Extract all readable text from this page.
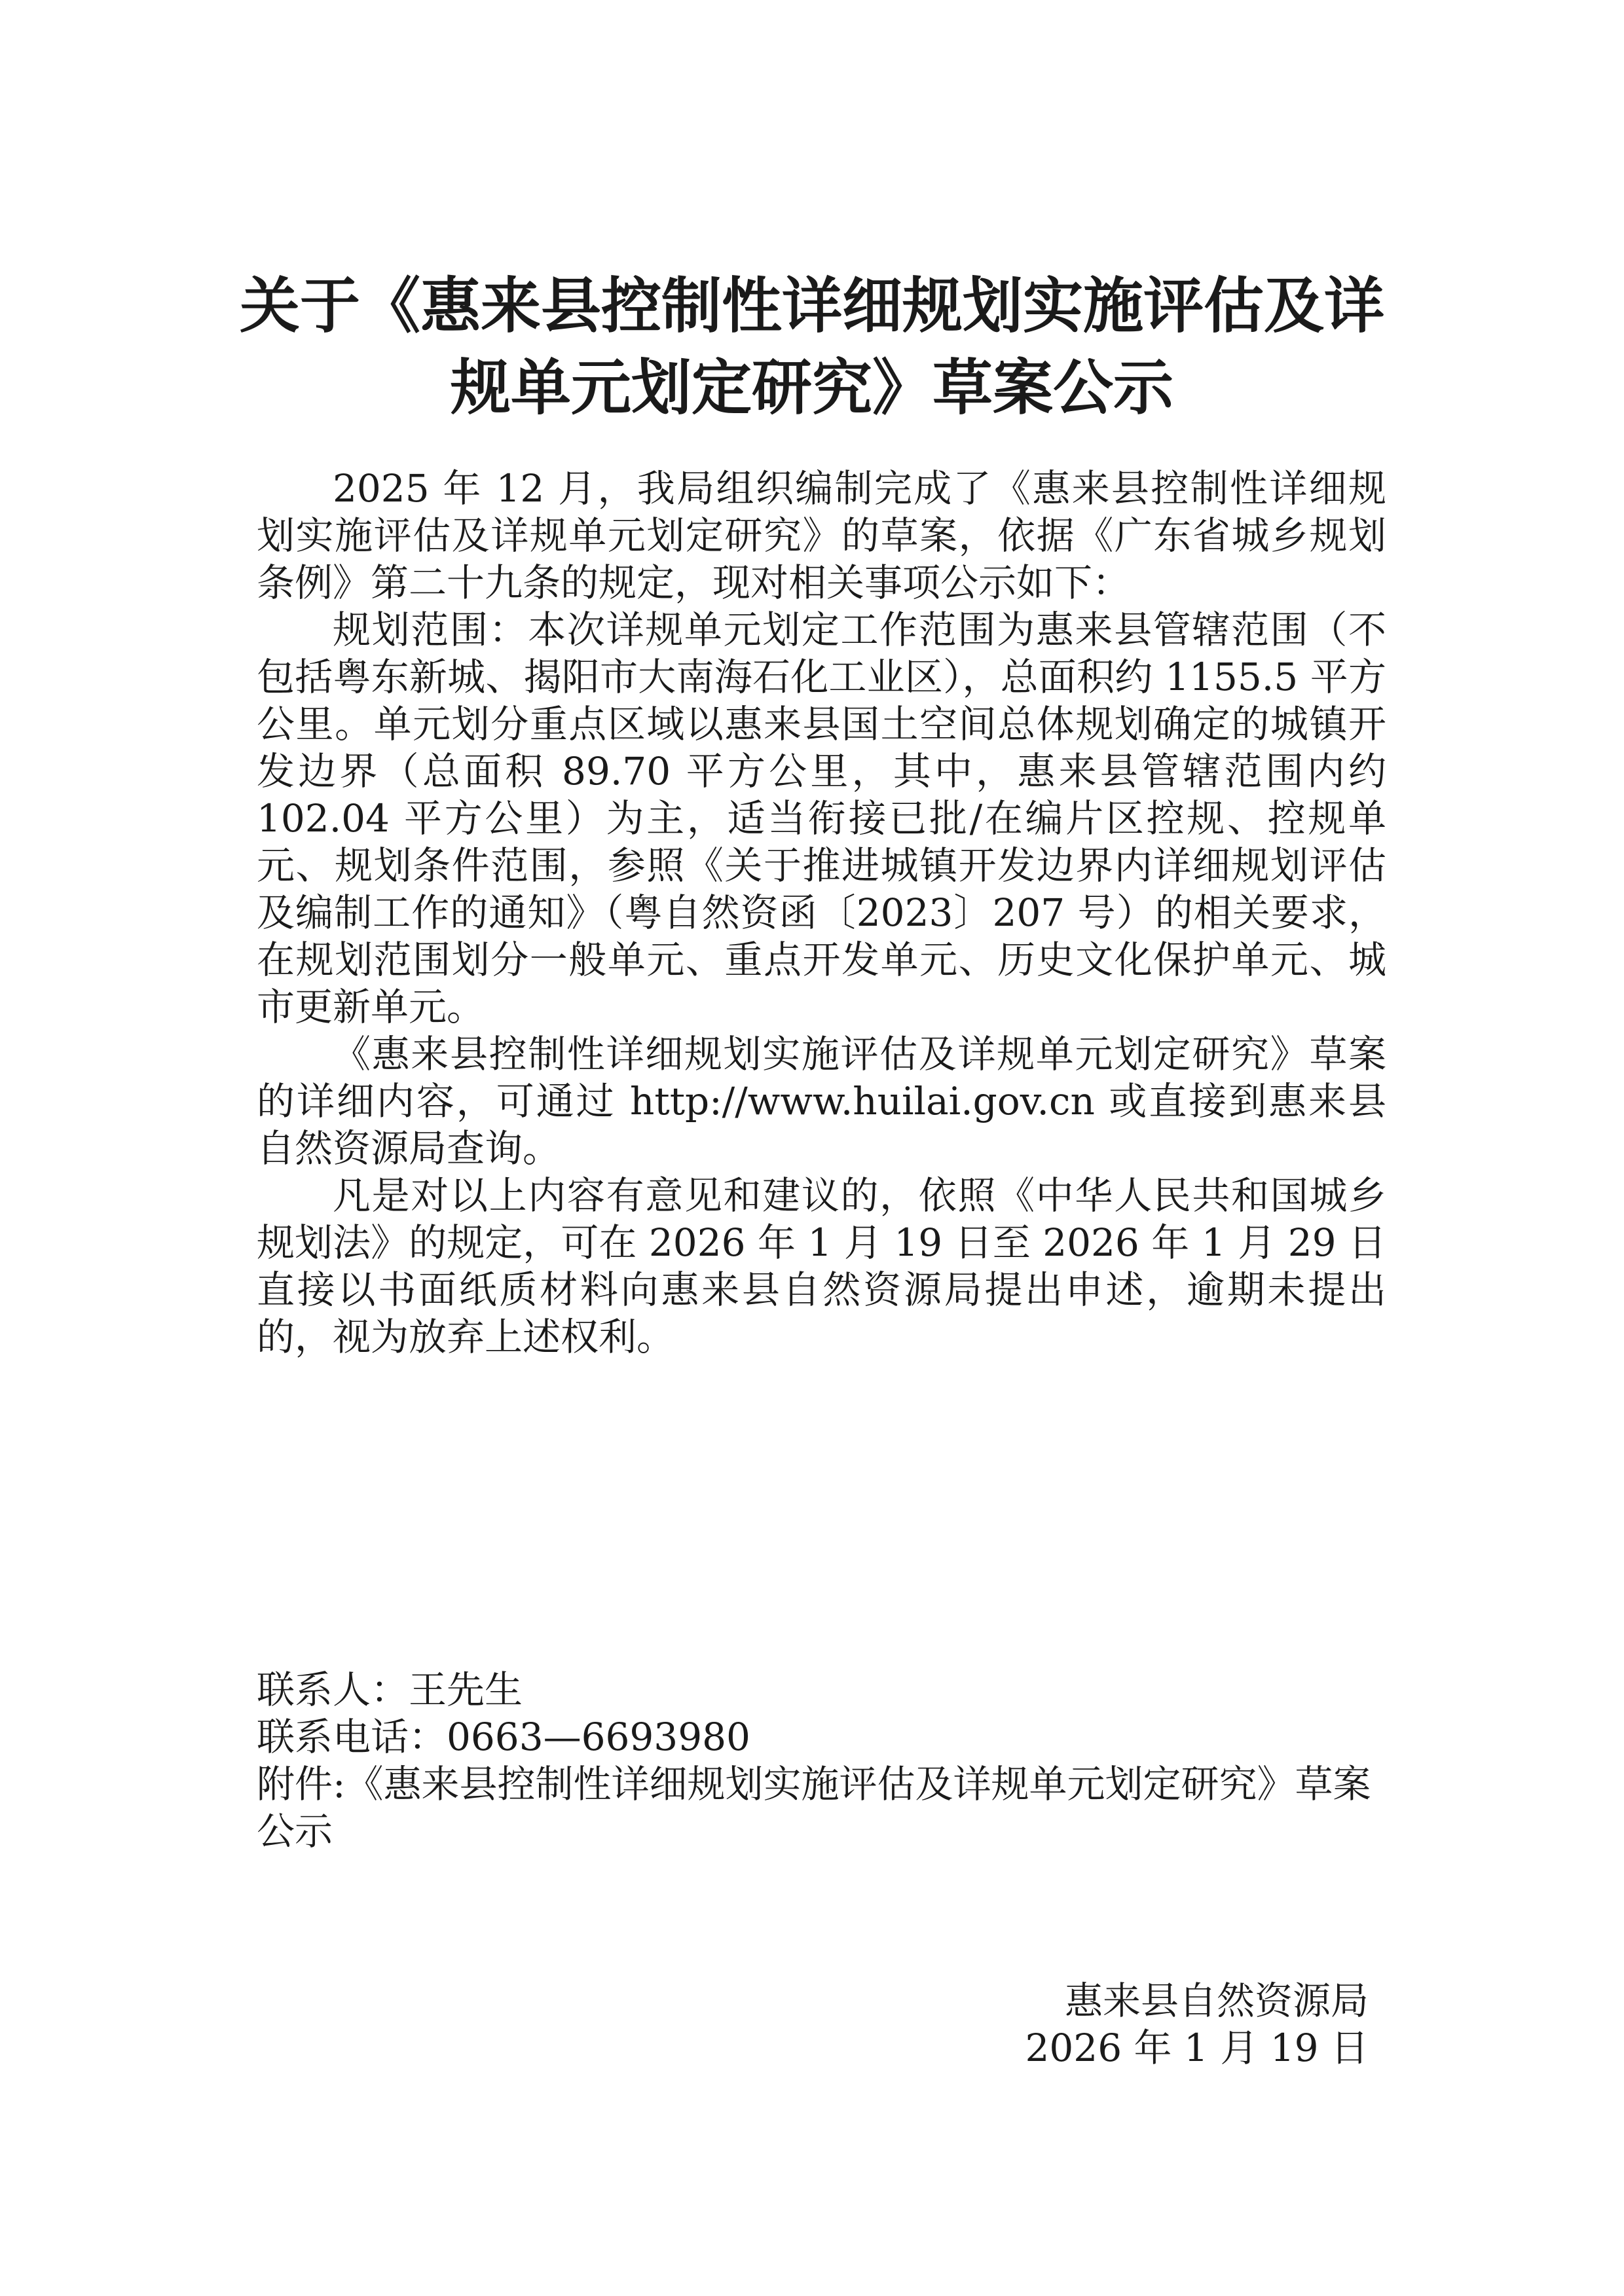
关于《惠来县控制性详细规划实施评估及详
规单元划定研究》草案公示

2025 年 12 月，我局组织编制完成了《惠来县控制性详细规划实施评估及详规单元划定研究》的草案，依据《广东省城乡规划条例》第二十九条的规定，现对相关事项公示如下：

规划范围：本次详规单元划定工作范围为惠来县管辖范围（不包括粤东新城、揭阳市大南海石化工业区），总面积约 1155.5 平方公里。单元划分重点区域以惠来县国土空间总体规划确定的城镇开发边界（总面积 89.70 平方公里，其中，惠来县管辖范围内约 102.04 平方公里）为主，适当衔接已批/在编片区控规、控规单元、规划条件范围，参照《关于推进城镇开发边界内详细规划评估及编制工作的通知》（粤自然资函〔2023〕207 号）的相关要求，在规划范围划分一般单元、重点开发单元、历史文化保护单元、城市更新单元。

《惠来县控制性详细规划实施评估及详规单元划定研究》草案的详细内容，可通过 http://www.huilai.gov.cn 或直接到惠来县自然资源局查询。

凡是对以上内容有意见和建议的，依照《中华人民共和国城乡规划法》的规定，可在 2026 年 1 月 19 日至 2026 年 1 月 29 日直接以书面纸质材料向惠来县自然资源局提出申述，逾期未提出的，视为放弃上述权利。

联系人：王先生

联系电话：0663—6693980

附件:《惠来县控制性详细规划实施评估及详规单元划定研究》草案公示

惠来县自然资源局

2026 年 1 月 19 日
